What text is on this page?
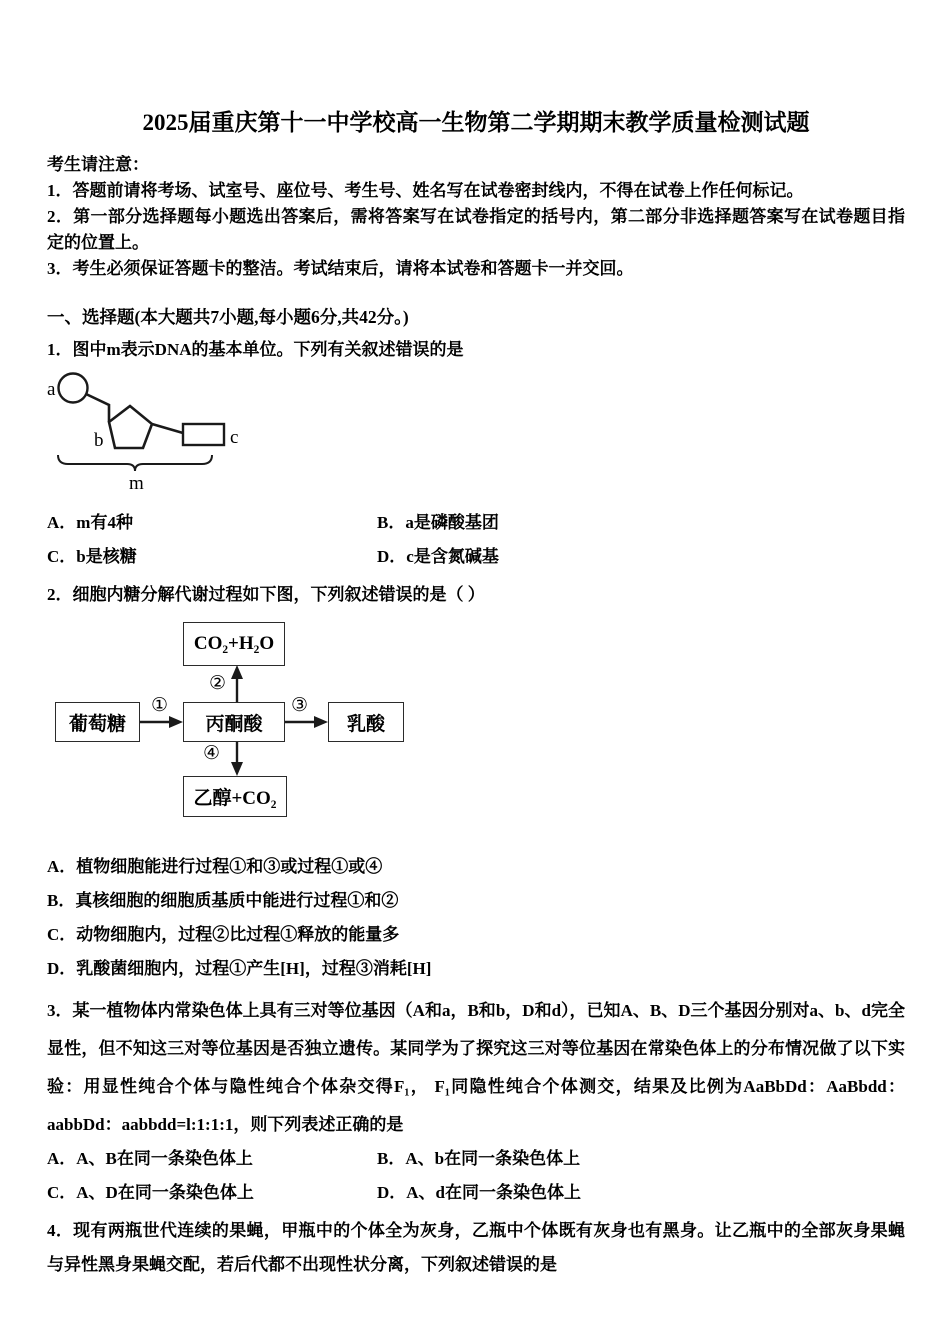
2025届重庆第十一中学校高一生物第二学期期末教学质量检测试题
考生请注意：
1．答题前请将考场、试室号、座位号、考生号、姓名写在试卷密封线内，不得在试卷上作任何标记。
2．第一部分选择题每小题选出答案后，需将答案写在试卷指定的括号内，第二部分非选择题答案写在试卷题目指定的位置上。
3．考生必须保证答题卡的整洁。考试结束后，请将本试卷和答题卡一并交回。
一、选择题(本大题共7小题,每小题6分,共42分。)
1．图中m表示DNA的基本单位。下列有关叙述错误的是
a
b	c
m
A．m有4种	B．a是磷酸基团
C．b是核糖	D．c是含氮碱基
2．细胞内糖分解代谢过程如下图，下列叙述错误的是（ ）
CO₂+H₂O
葡萄糖	丙酮酸	乳酸
乙醇+CO₂
①
②
③
④
A．植物细胞能进行过程①和③或过程①或④
B．真核细胞的细胞质基质中能进行过程①和②
C．动物细胞内，过程②比过程①释放的能量多
D．乳酸菌细胞内，过程①产生[H]，过程③消耗[H]
3．某一植物体内常染色体上具有三对等位基因（A和a，B和b，D和d），已知A、B、D三个基因分别对a、b、d完全显性，但不知这三对等位基因是否独立遗传。某同学为了探究这三对等位基因在常染色体上的分布情况做了以下实验：用显性纯合个体与隐性纯合个体杂交得F₁， F₁同隐性纯合个体测交，结果及比例为AaBbDd：AaBbdd：aabbDd：aabbdd=l:1:1:1，则下列表述正确的是
A．A、B在同一条染色体上	B．A、b在同一条染色体上
C．A、D在同一条染色体上	D．A、d在同一条染色体上
4．现有两瓶世代连续的果蝇，甲瓶中的个体全为灰身，乙瓶中个体既有灰身也有黑身。让乙瓶中的全部灰身果蝇与异性黑身果蝇交配，若后代都不出现性状分离，下列叙述错误的是
